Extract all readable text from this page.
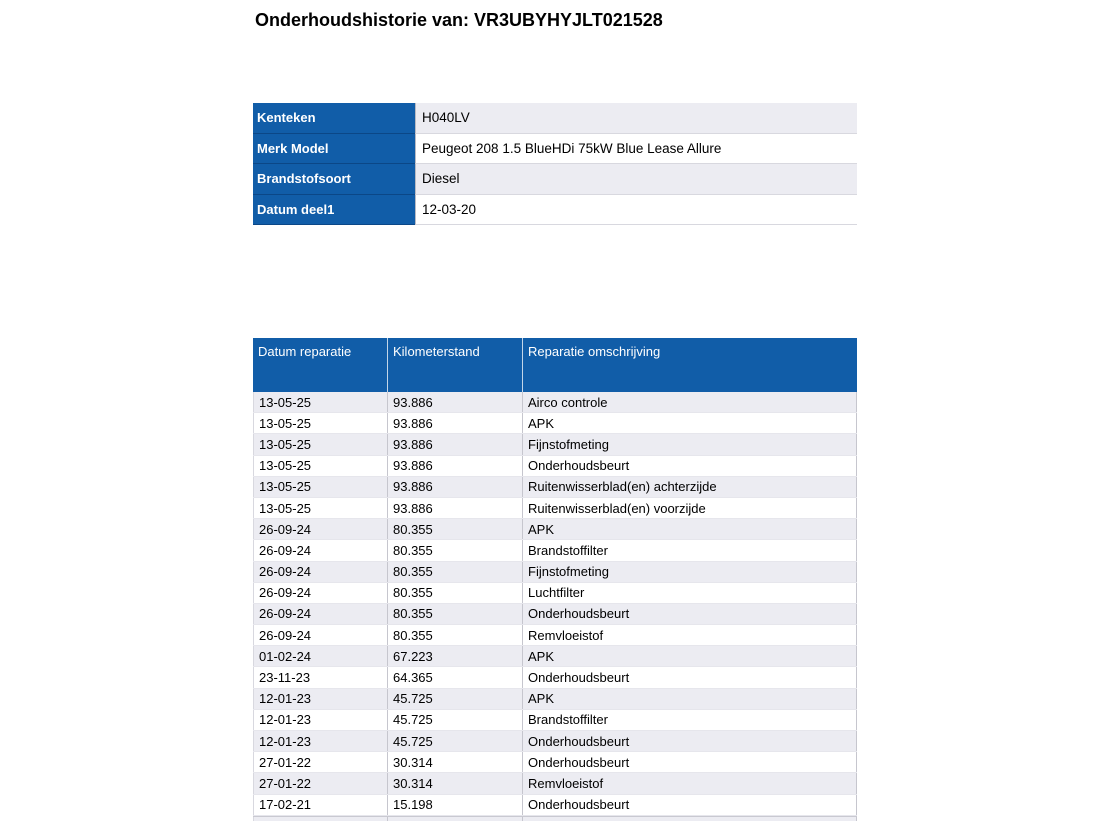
Onderhoudshistorie van: VR3UBYHYJLT021528
Kenteken	H040LV
Merk Model	Peugeot 208 1.5 BlueHDi 75kW Blue Lease Allure
Brandstofsoort	Diesel
Datum deel1	12-03-20
Datum reparatie	Kilometerstand	Reparatie omschrijving
13-05-25	93.886	Airco controle
13-05-25	93.886	APK
13-05-25	93.886	Fijnstofmeting
13-05-25	93.886	Onderhoudsbeurt
13-05-25	93.886	Ruitenwisserblad(en) achterzijde
13-05-25	93.886	Ruitenwisserblad(en) voorzijde
26-09-24	80.355	APK
26-09-24	80.355	Brandstoffilter
26-09-24	80.355	Fijnstofmeting
26-09-24	80.355	Luchtfilter
26-09-24	80.355	Onderhoudsbeurt
26-09-24	80.355	Remvloeistof
01-02-24	67.223	APK
23-11-23	64.365	Onderhoudsbeurt
12-01-23	45.725	APK
12-01-23	45.725	Brandstoffilter
12-01-23	45.725	Onderhoudsbeurt
27-01-22	30.314	Onderhoudsbeurt
27-01-22	30.314	Remvloeistof
17-02-21	15.198	Onderhoudsbeurt
